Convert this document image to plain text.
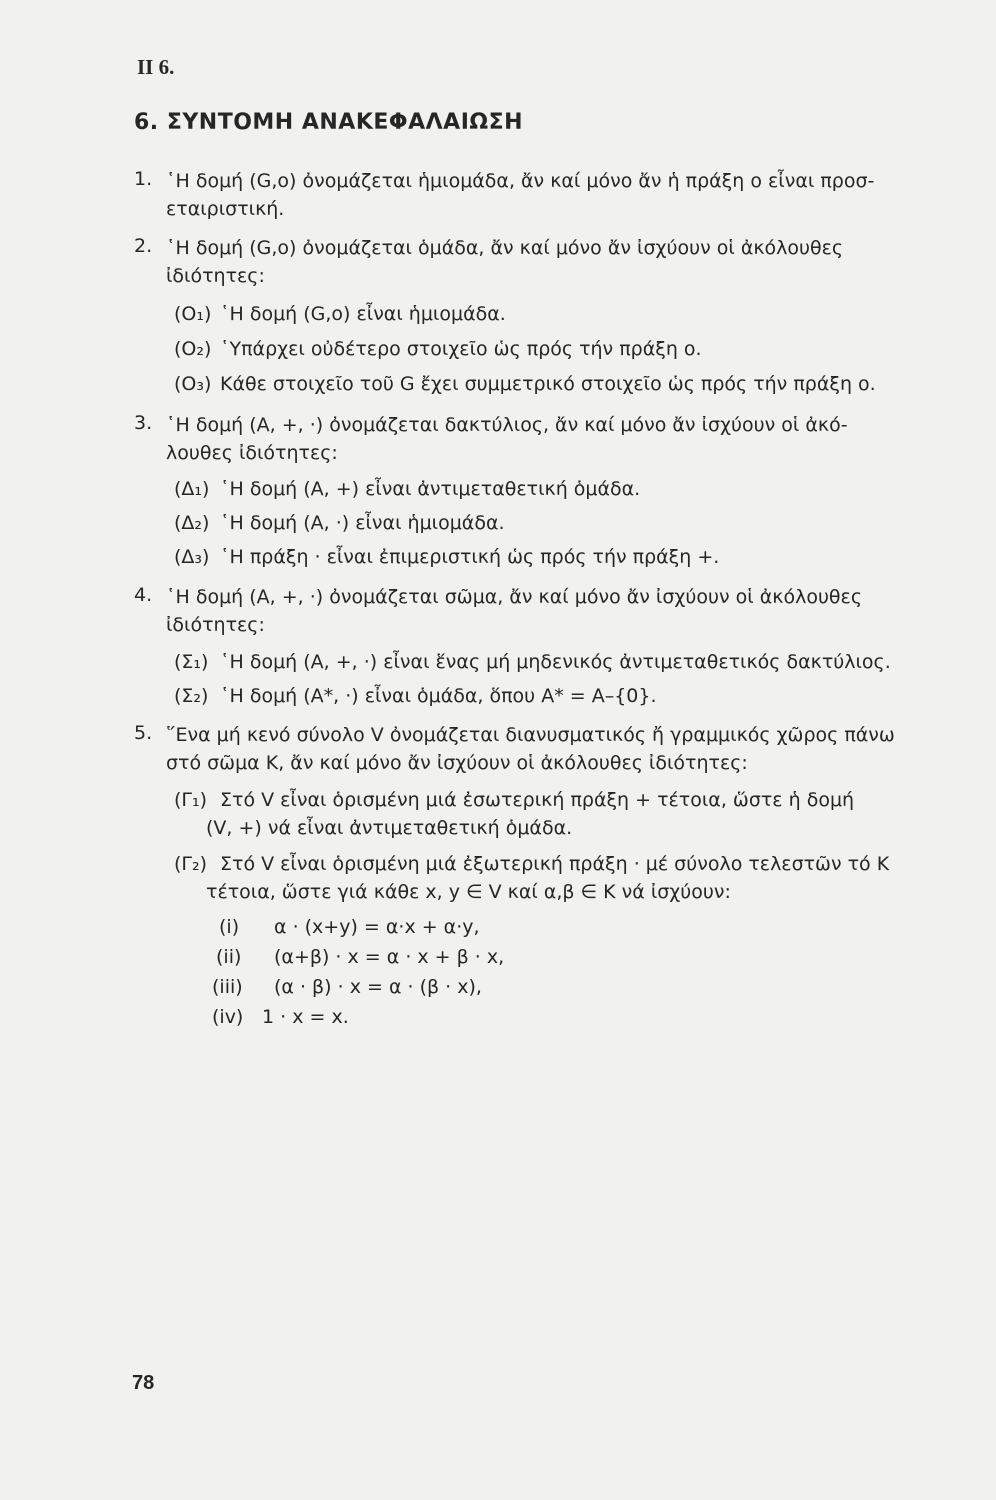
II 6.
6. ΣΥΝΤΟΜΗ ΑΝΑΚΕΦΑΛΑΙΩΣΗ
1. ῾Η δομή (G,o) ὀνομάζεται ἡμιομάδα, ἄν καί μόνο ἄν ἡ πράξη ο εἶναι προσ-
εταιριστική.
2. ῾Η δομή (G,o) ὀνομάζεται ὁμάδα, ἄν καί μόνο ἄν ἰσχύουν οἱ ἀκόλουθες
ἰδιότητες:
(O₁) ῾Η δομή (G,o) εἶναι ἡμιομάδα.
(O₂) ῾Υπάρχει οὐδέτερο στοιχεῖο ὡς πρός τήν πράξη ο.
(O₃) Κάθε στοιχεῖο τοῦ G ἔχει συμμετρικό στοιχεῖο ὡς πρός τήν πράξη ο.
3. ῾Η δομή (Α, +, ·) ὀνομάζεται δακτύλιος, ἄν καί μόνο ἄν ἰσχύουν οἱ ἀκό-
λουθες ἰδιότητες:
(Δ₁) ῾Η δομή (Α, +) εἶναι ἀντιμεταθετική ὁμάδα.
(Δ₂) ῾Η δομή (Α, ·) εἶναι ἡμιομάδα.
(Δ₃) ῾Η πράξη · εἶναι ἐπιμεριστική ὡς πρός τήν πράξη +.
4. ῾Η δομή (Α, +, ·) ὀνομάζεται σῶμα, ἄν καί μόνο ἄν ἰσχύουν οἱ ἀκόλουθες
ἰδιότητες:
(Σ₁) ῾Η δομή (Α, +, ·) εἶναι ἕνας μή μηδενικός ἀντιμεταθετικός δακτύλιος.
(Σ₂) ῾Η δομή (Α*, ·) εἶναι ὁμάδα, ὅπου Α* = Α–{0}.
5. ῞Ενα μή κενό σύνολο V ὀνομάζεται διανυσματικός ἤ γραμμικός χῶρος πάνω
στό σῶμα Κ, ἄν καί μόνο ἄν ἰσχύουν οἱ ἀκόλουθες ἰδιότητες:
(Γ₁) Στό V εἶναι ὁρισμένη μιά ἐσωτερική πράξη + τέτοια, ὥστε ἡ δομή
(V, +) νά εἶναι ἀντιμεταθετική ὁμάδα.
(Γ₂) Στό V εἶναι ὁρισμένη μιά ἐξωτερική πράξη · μέ σύνολο τελεστῶν τό Κ
τέτοια, ὥστε γιά κάθε x, y ∈ V καί α,β ∈ Κ νά ἰσχύουν:
(i) α · (x+y) = α·x + α·y,
(ii) (α+β) · x = α · x + β · x,
(iii) (α · β) · x = α · (β · x),
(iv) 1 · x = x.
78
